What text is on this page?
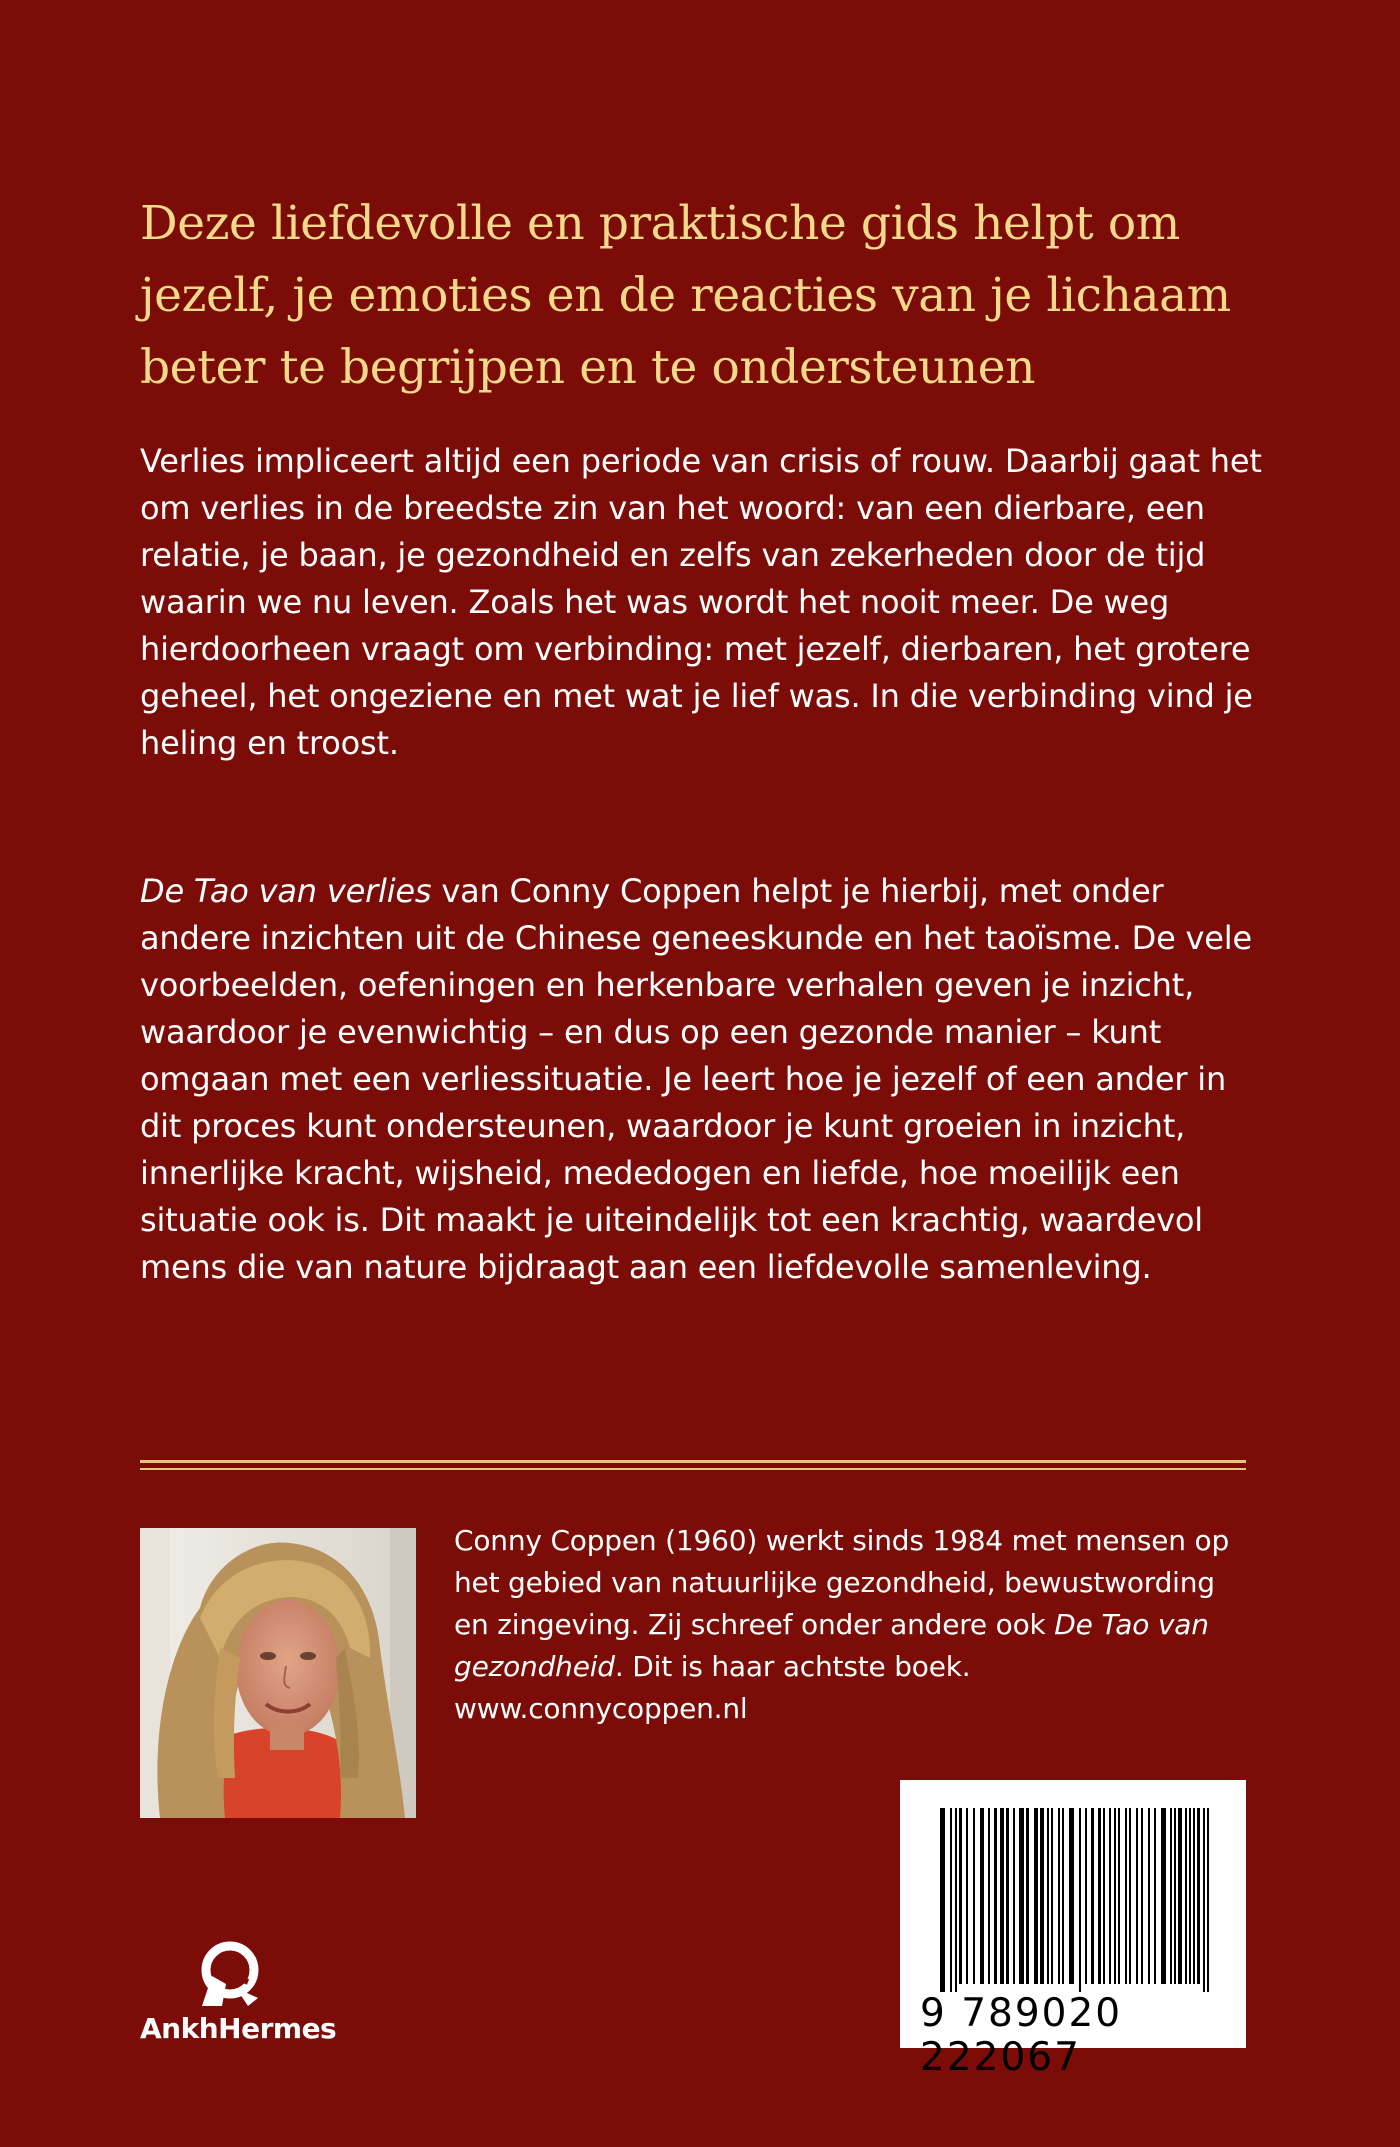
Deze liefdevolle en praktische gids helpt om jezelf, je emoties en de reacties van je lichaam beter te begrijpen en te ondersteunen

Verlies impliceert altijd een periode van crisis of rouw. Daarbij gaat het om verlies in de breedste zin van het woord: van een dierbare, een relatie, je baan, je gezondheid en zelfs van zekerheden door de tijd waarin we nu leven. Zoals het was wordt het nooit meer. De weg hierdoorheen vraagt om verbinding: met jezelf, dierbaren, het grotere geheel, het ongeziene en met wat je lief was. In die verbinding vind je heling en troost.

De Tao van verlies van Conny Coppen helpt je hierbij, met onder andere inzichten uit de Chinese geneeskunde en het taoïsme. De vele voorbeelden, oefeningen en herkenbare verhalen geven je inzicht, waardoor je evenwichtig – en dus op een gezonde manier – kunt omgaan met een verliessituatie. Je leert hoe je jezelf of een ander in dit proces kunt ondersteunen, waardoor je kunt groeien in inzicht, innerlijke kracht, wijsheid, mededogen en liefde, hoe moeilijk een situatie ook is. Dit maakt je uiteindelijk tot een krachtig, waardevol mens die van nature bijdraagt aan een liefdevolle samenleving.

Conny Coppen (1960) werkt sinds 1984 met mensen op het gebied van natuurlijke gezondheid, bewustwording en zingeving. Zij schreef onder andere ook De Tao van gezondheid. Dit is haar achtste boek. www.connycoppen.nl

9 789020 222067
AnkhHermes
